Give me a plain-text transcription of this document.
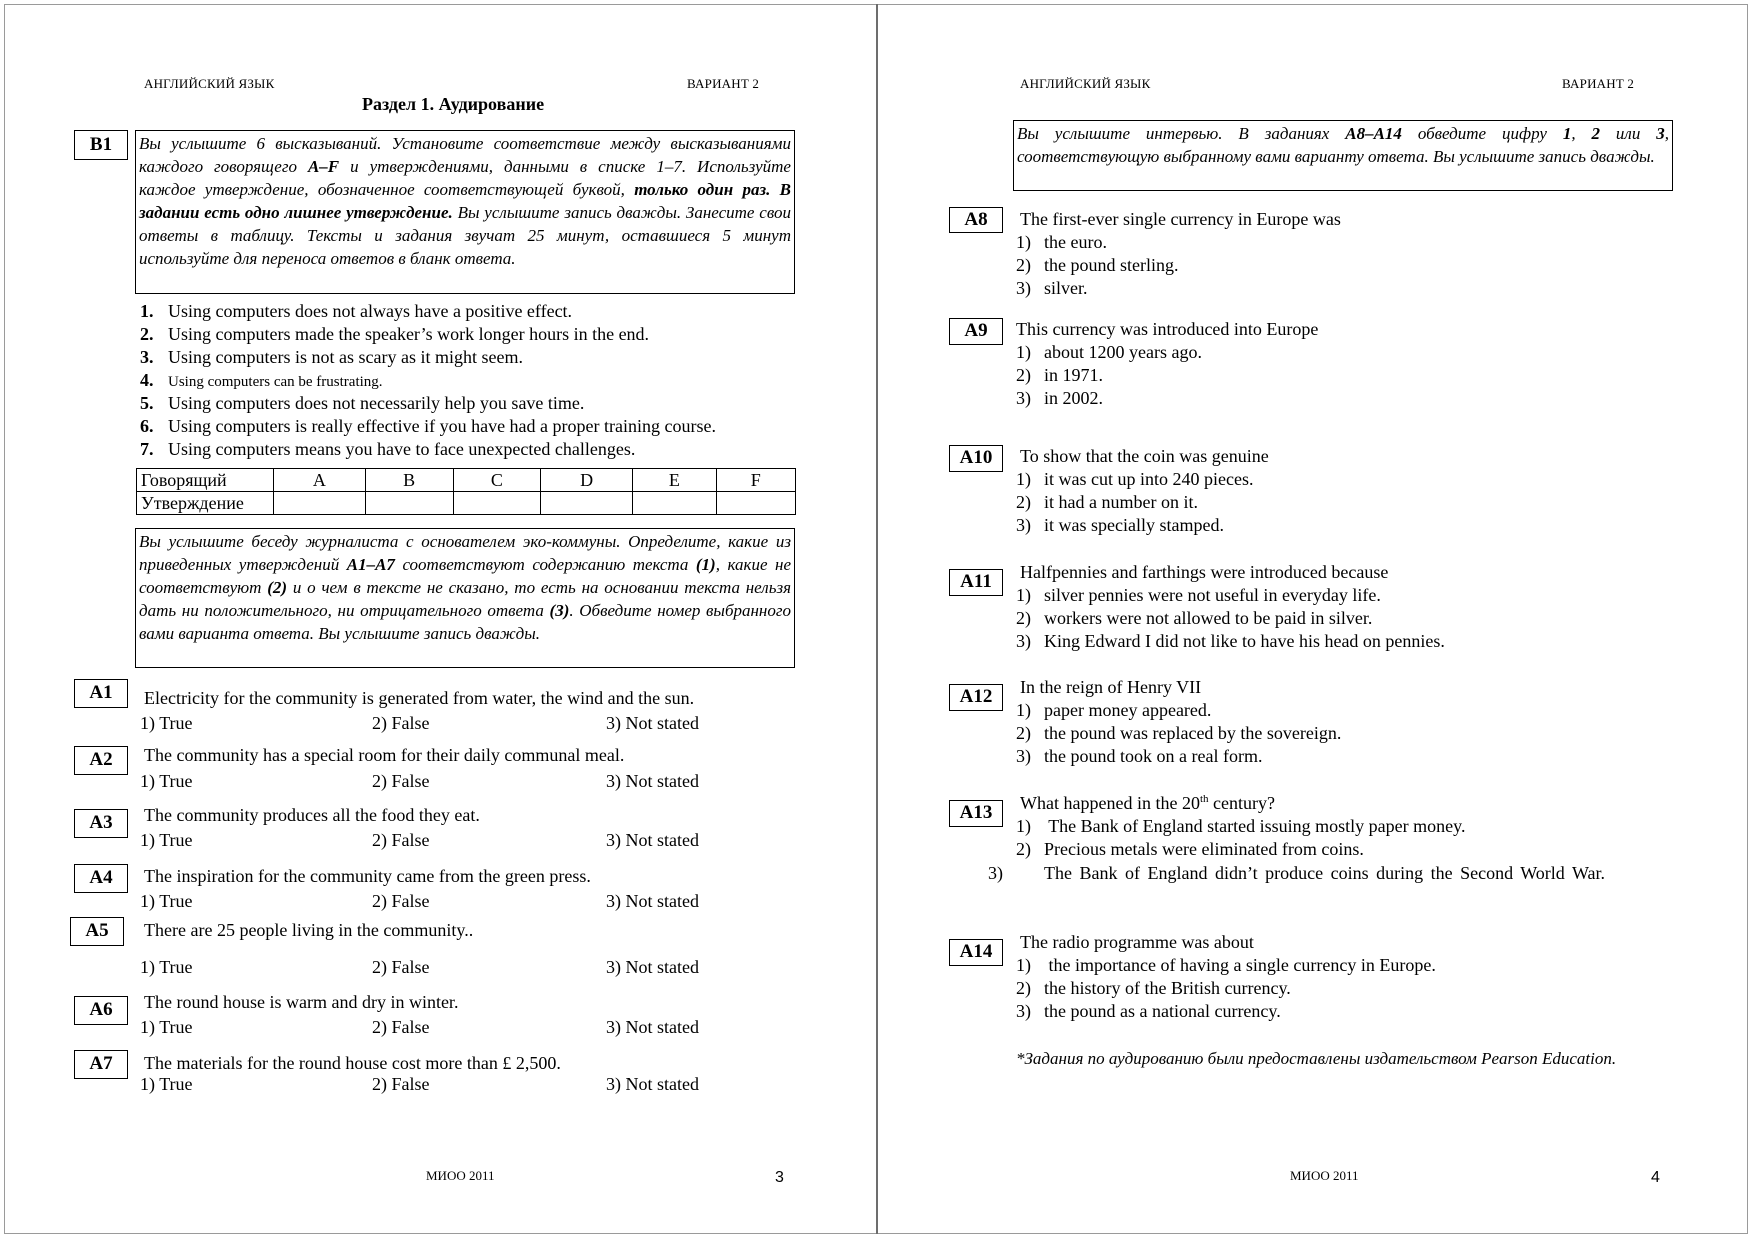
АНГЛИЙСКИЙ ЯЗЫК	ВАРИАНТ 2
Раздел 1. Аудирование
B1	Вы услышите 6 высказываний. Установите соответствие между высказываниями каждого говорящего A–F и утверждениями, данными в списке 1–7. Используйте каждое утверждение, обозначенное соответствующей буквой, только один раз. В задании есть одно лишнее утверждение. Вы услышите запись дважды. Занесите свои ответы в таблицу. Тексты и задания звучат 25 минут, оставшиеся 5 минут используйте для переноса ответов в бланк ответа.
1. Using computers does not always have a positive effect.
2. Using computers made the speaker’s work longer hours in the end.
3. Using computers is not as scary as it might seem.
4. Using computers can be frustrating.
5. Using computers does not necessarily help you save time.
6. Using computers is really effective if you have had a proper training course.
7. Using computers means you have to face unexpected challenges.
Говорящий	A	B	C	D	E	F
Утверждение						
Вы услышите беседу журналиста с основателем эко-коммуны. Определите, какие из приведенных утверждений A1–A7 соответствуют содержанию текста (1), какие не соответствуют (2) и о чем в тексте не сказано, то есть на основании текста нельзя дать ни положительного, ни отрицательного ответа (3). Обведите номер выбранного вами варианта ответа. Вы услышите запись дважды.
A1	Electricity for the community is generated from water, the wind and the sun.
1) True	2) False	3) Not stated
A2	The community has a special room for their daily communal meal.
1) True	2) False	3) Not stated
A3	The community produces all the food they eat.
1) True	2) False	3) Not stated
A4	The inspiration for the community came from the green press.
1) True	2) False	3) Not stated
A5	There are 25 people living in the community..
1) True	2) False	3) Not stated
A6	The round house is warm and dry in winter.
1) True	2) False	3) Not stated
A7	The materials for the round house cost more than £ 2,500.
1) True	2) False	3) Not stated
МИОО 2011	3
АНГЛИЙСКИЙ ЯЗЫК	ВАРИАНТ 2
Вы услышите интервью. В заданиях A8–A14 обведите цифру 1, 2 или 3, соответствующую выбранному вами варианту ответа. Вы услышите запись дважды.
A8	The first-ever single currency in Europe was
1) the euro.
2) the pound sterling.
3) silver.
A9	This currency was introduced into Europe
1) about 1200 years ago.
2) in 1971.
3) in 2002.
A10	To show that the coin was genuine
1) it was cut up into 240 pieces.
2) it had a number on it.
3) it was specially stamped.
A11	Halfpennies and farthings were introduced because
1) silver pennies were not useful in everyday life.
2) workers were not allowed to be paid in silver.
3) King Edward I did not like to have his head on pennies.
A12	In the reign of Henry VII
1) paper money appeared.
2) the pound was replaced by the sovereign.
3) the pound took on a real form.
A13	What happened in the 20th century?
1) The Bank of England started issuing mostly paper money.
2) Precious metals were eliminated from coins.
3) The Bank of England didn’t produce coins during the Second World War.
A14	The radio programme was about
1) the importance of having a single currency in Europe.
2) the history of the British currency.
3) the pound as a national currency.
*Задания по аудированию были предоставлены издательством Pearson Education.
МИОО 2011	4
